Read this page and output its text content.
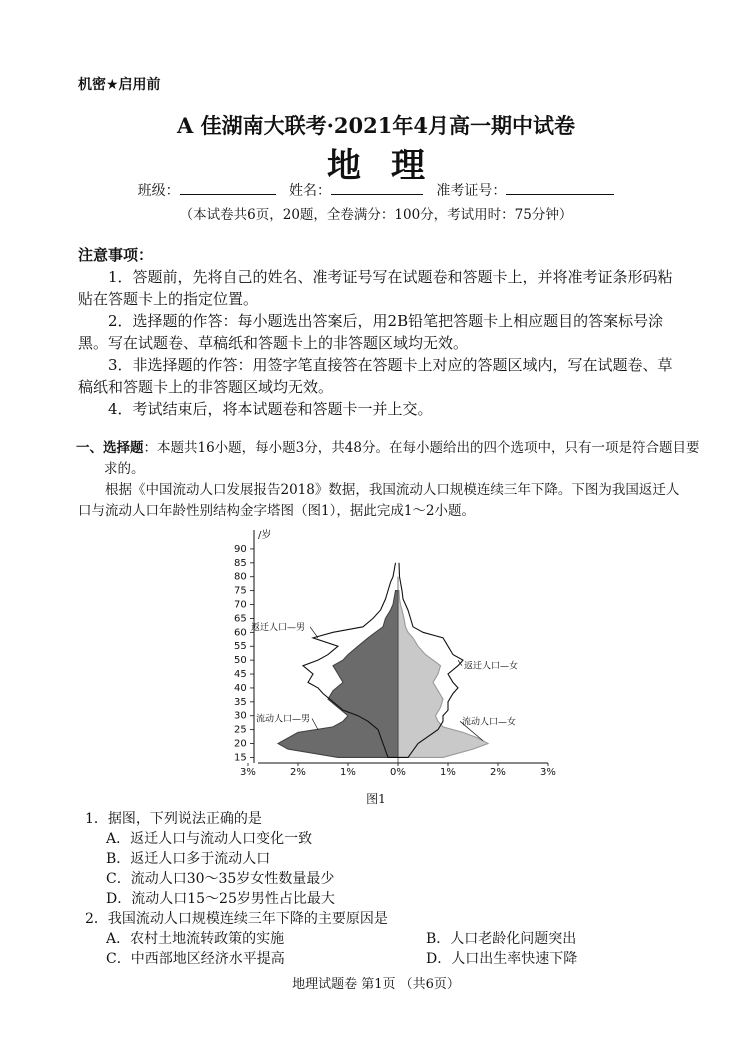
机密★启用前
A 佳湖南大联考·2021年4月高一期中试卷
地理
班级：	姓名：	准考证号：
（本试卷共6页，20题，全卷满分：100分，考试用时：75分钟）
注意事项：
1．答题前，先将自己的姓名、准考证号写在试题卷和答题卡上，并将准考证条形码粘贴在答题卡上的指定位置。
2．选择题的作答：每小题选出答案后，用2B铅笔把答题卡上相应题目的答案标号涂黑。写在试题卷、草稿纸和答题卡上的非答题区域均无效。
3．非选择题的作答：用签字笔直接答在答题卡上对应的答题区域内，写在试题卷、草稿纸和答题卡上的非答题区域均无效。
4．考试结束后，将本试题卷和答题卡一并上交。
一、选择题：本题共16小题，每小题3分，共48分。在每小题给出的四个选项中，只有一项是符合题目要求的。
根据《中国流动人口发展报告2018》数据，我国流动人口规模连续三年下降。下图为我国返迁人口与流动人口年龄性别结构金字塔图（图1），据此完成1～2小题。
15
20
25
30
35
40
45
50
55
60
65
70
75
80
85
90
/岁
3%	2%	1%	0%	1%	2%	3%
返迁人口—男
返迁人口—女
流动人口—男	流动人口—女
图1
1．据图，下列说法正确的是
A．返迁人口与流动人口变化一致
B．返迁人口多于流动人口
C．流动人口30～35岁女性数量最少
D．流动人口15～25岁男性占比最大
2．我国流动人口规模连续三年下降的主要原因是
A．农村土地流转政策的实施	B．人口老龄化问题突出
C．中西部地区经济水平提高	D．人口出生率快速下降
地理试题卷 第1页 （共6页）
